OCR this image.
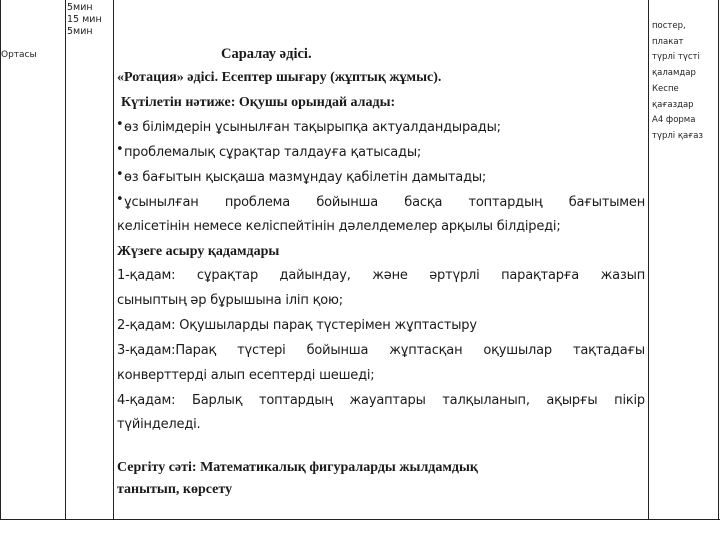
Ортасы
5мин
15 мин
5мин	постер,
плакат
түрлі түсті
қаламдар
Кеспе
қағаздар
А4 форма
түрлі қағаз
Саралау әдісі.
«Ротация» әдісі. Есептер шығару (жұптық жұмыс).
Күтілетін нәтиже: Оқушы орындай алады:
• өз білімдерін ұсынылған тақырыпқа актуалдандырады;
• проблемалық сұрақтар талдауға қатысады;
• өз бағытын қысқаша мазмұндау қабілетін дамытады;
• ұсынылған проблема бойынша басқа топтардың бағытымен
келісетінін немесе келіспейтінін дәлелдемелер арқылы білдіреді;
Жүзеге асыру қадамдары
1-қадам: сұрақтар дайындау, және әртүрлі парақтарға жазып
сыныптың әр бұрышына іліп қою;
2-қадам: Оқушыларды парақ түстерімен жұптастыру
3-қадам:Парақ түстері бойынша жұптасқан оқушылар тақтадағы
конверттерді алып есептерді шешеді;
4-қадам: Барлық топтардың жауаптары талқыланып, ақырғы пікір
түйінделеді.
Сергіту сәті: Математикалық фигураларды жылдамдық
танытып, көрсету
